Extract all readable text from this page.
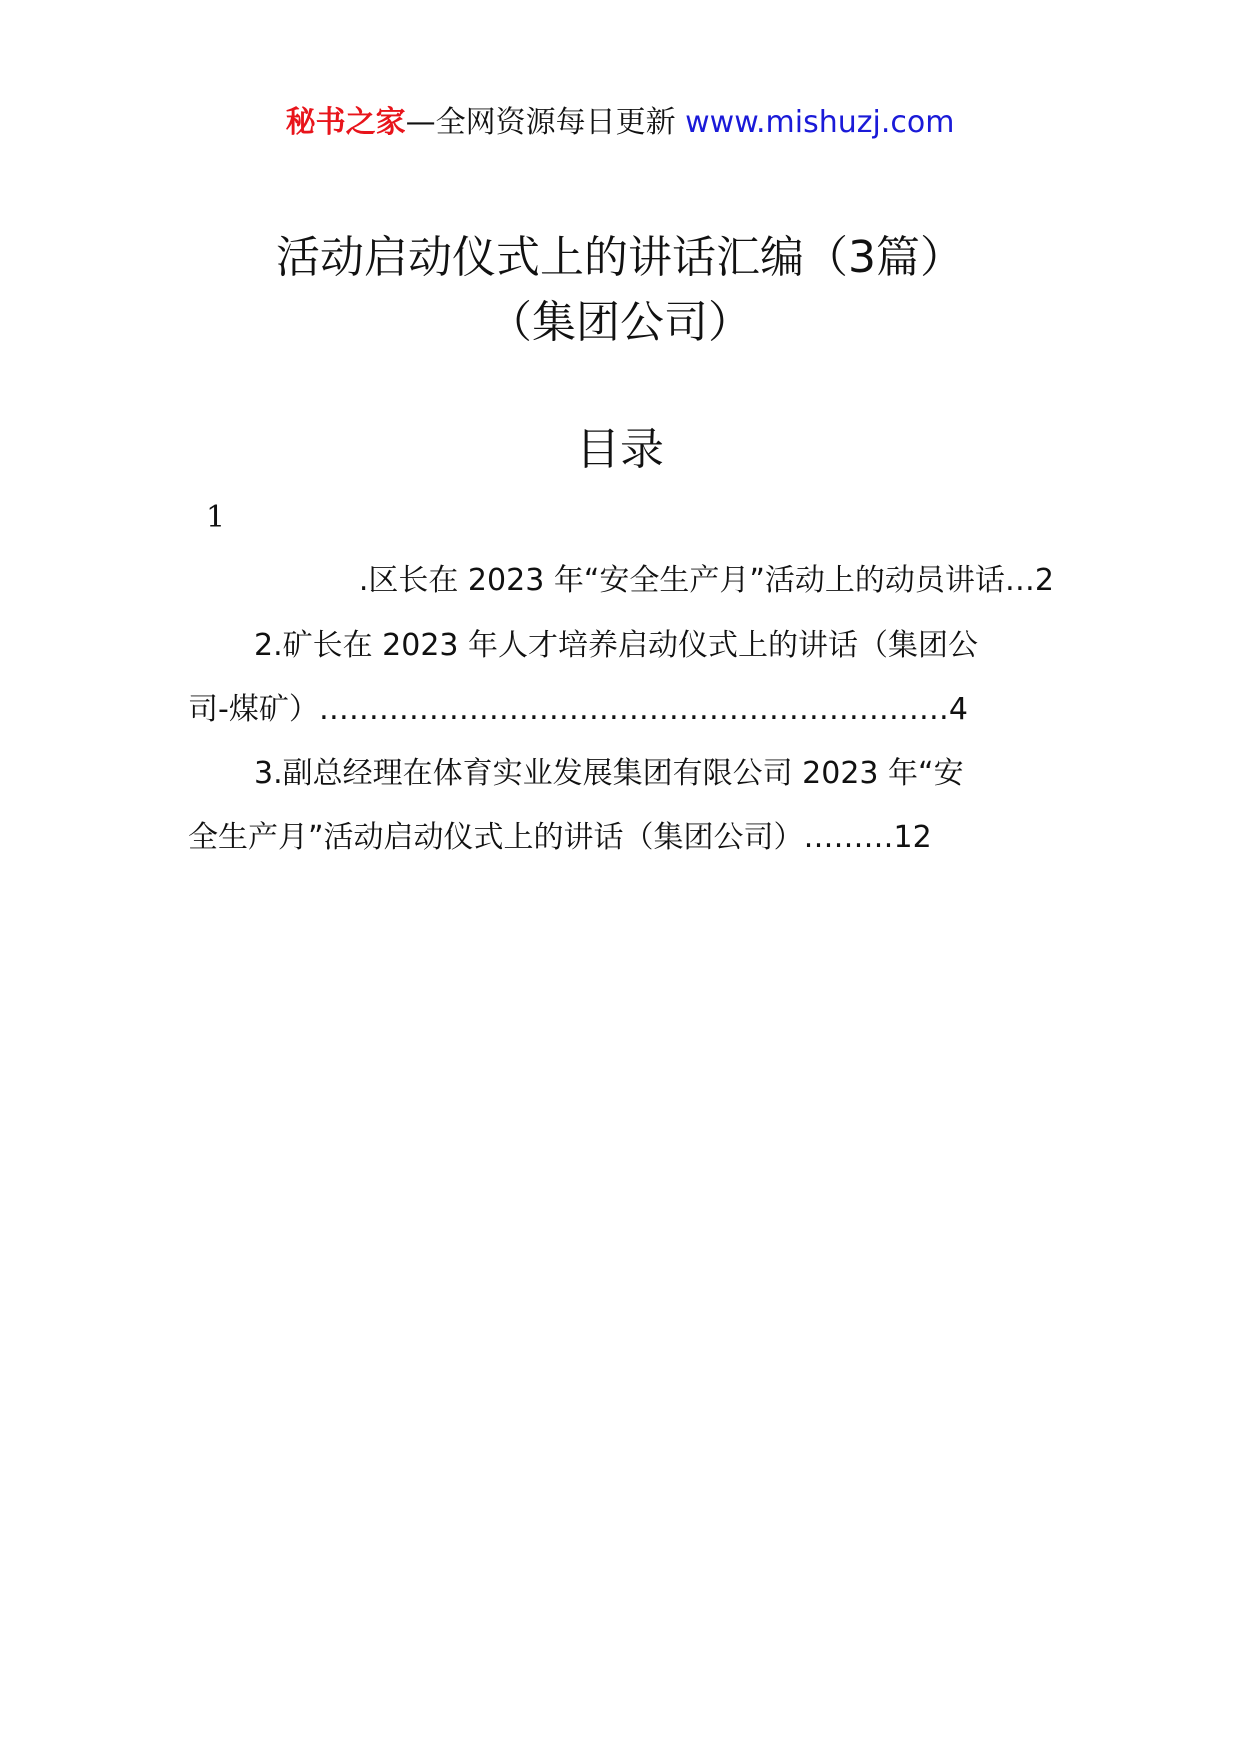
秘书之家—全网资源每日更新 www.mishuzj.com
活动启动仪式上的讲话汇编（3篇）
（集团公司）
目录
1
.区长在 2023 年“安全生产月”活动上的动员讲话…2
2.矿长在 2023 年人才培养启动仪式上的讲话（集团公
司-煤矿）………………………………………………………4
3.副总经理在体育实业发展集团有限公司 2023 年“安
全生产月”活动启动仪式上的讲话（集团公司）………12
